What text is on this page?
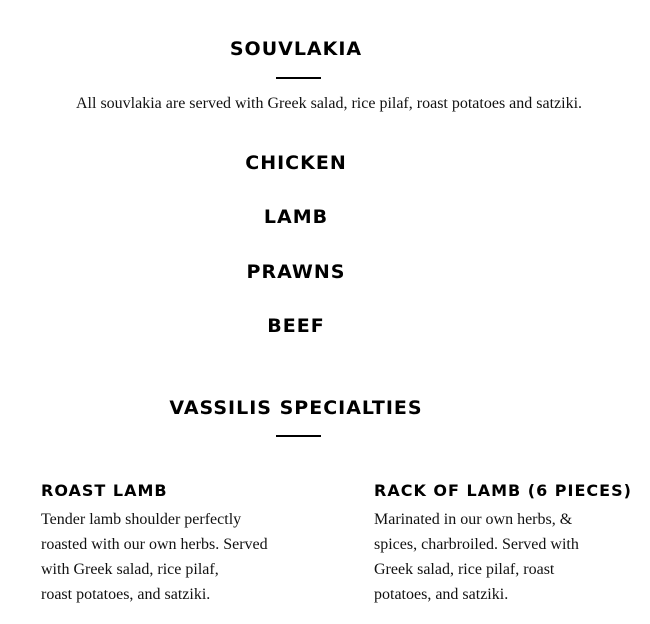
SOUVLAKIA
All souvlakia are served with Greek salad, rice pilaf, roast potatoes and satziki.
CHICKEN
LAMB
PRAWNS
BEEF
VASSILIS SPECIALTIES
ROAST LAMB
Tender lamb shoulder perfectly
roasted with our own herbs. Served
with Greek salad, rice pilaf,
roast potatoes, and satziki.
RACK OF LAMB (6 PIECES)
Marinated in our own herbs, &
spices, charbroiled. Served with
Greek salad, rice pilaf, roast
potatoes, and satziki.
